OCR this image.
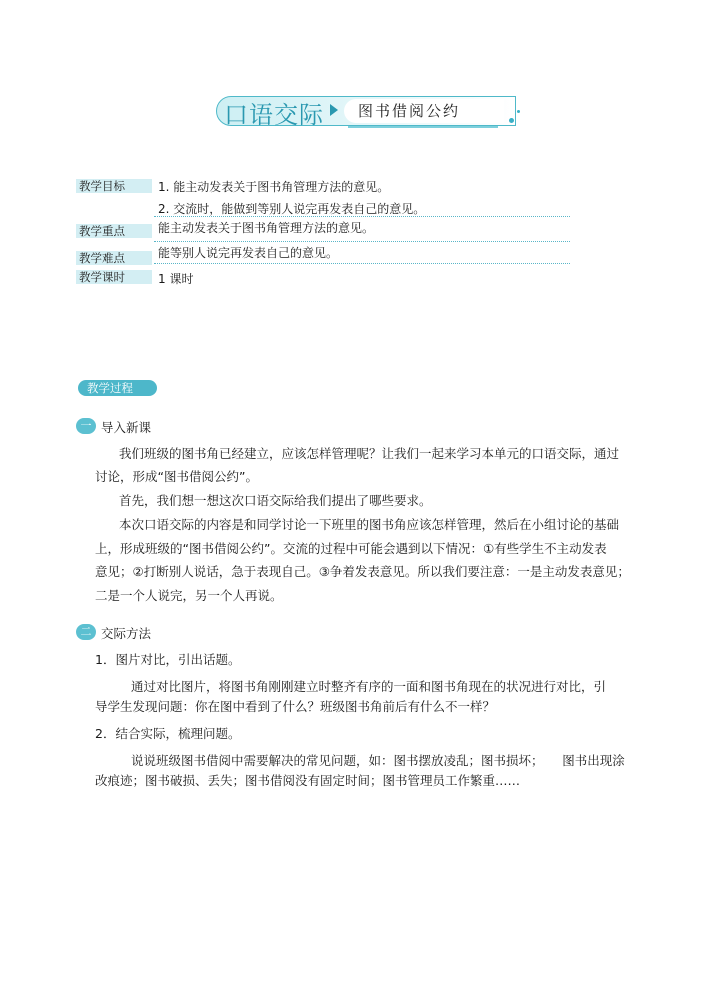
口语交际	图书借阅公约
教学目标	1. 能主动发表关于图书角管理方法的意见。
2. 交流时，能做到等别人说完再发表自己的意见。
教学重点	能主动发表关于图书角管理方法的意见。
教学难点	能等别人说完再发表自己的意见。
教学课时	1 课时
教学过程
一 导入新课
我们班级的图书角已经建立，应该怎样管理呢？让我们一起来学习本单元的口语交际，通过
讨论，形成“图书借阅公约”。
首先，我们想一想这次口语交际给我们提出了哪些要求。
本次口语交际的内容是和同学讨论一下班里的图书角应该怎样管理，然后在小组讨论的基础
上，形成班级的“图书借阅公约”。交流的过程中可能会遇到以下情况：①有些学生不主动发表
意见；②打断别人说话，急于表现自己。③争着发表意见。所以我们要注意：一是主动发表意见；
二是一个人说完，另一个人再说。
二 交际方法
1．图片对比，引出话题。
通过对比图片，将图书角刚刚建立时整齐有序的一面和图书角现在的状况进行对比，引
导学生发现问题：你在图中看到了什么？班级图书角前后有什么不一样？
2．结合实际，梳理问题。
说说班级图书借阅中需要解决的常见问题，如：图书摆放凌乱；图书损坏；　　图书出现涂
改痕迹；图书破损、丢失；图书借阅没有固定时间；图书管理员工作繁重……
